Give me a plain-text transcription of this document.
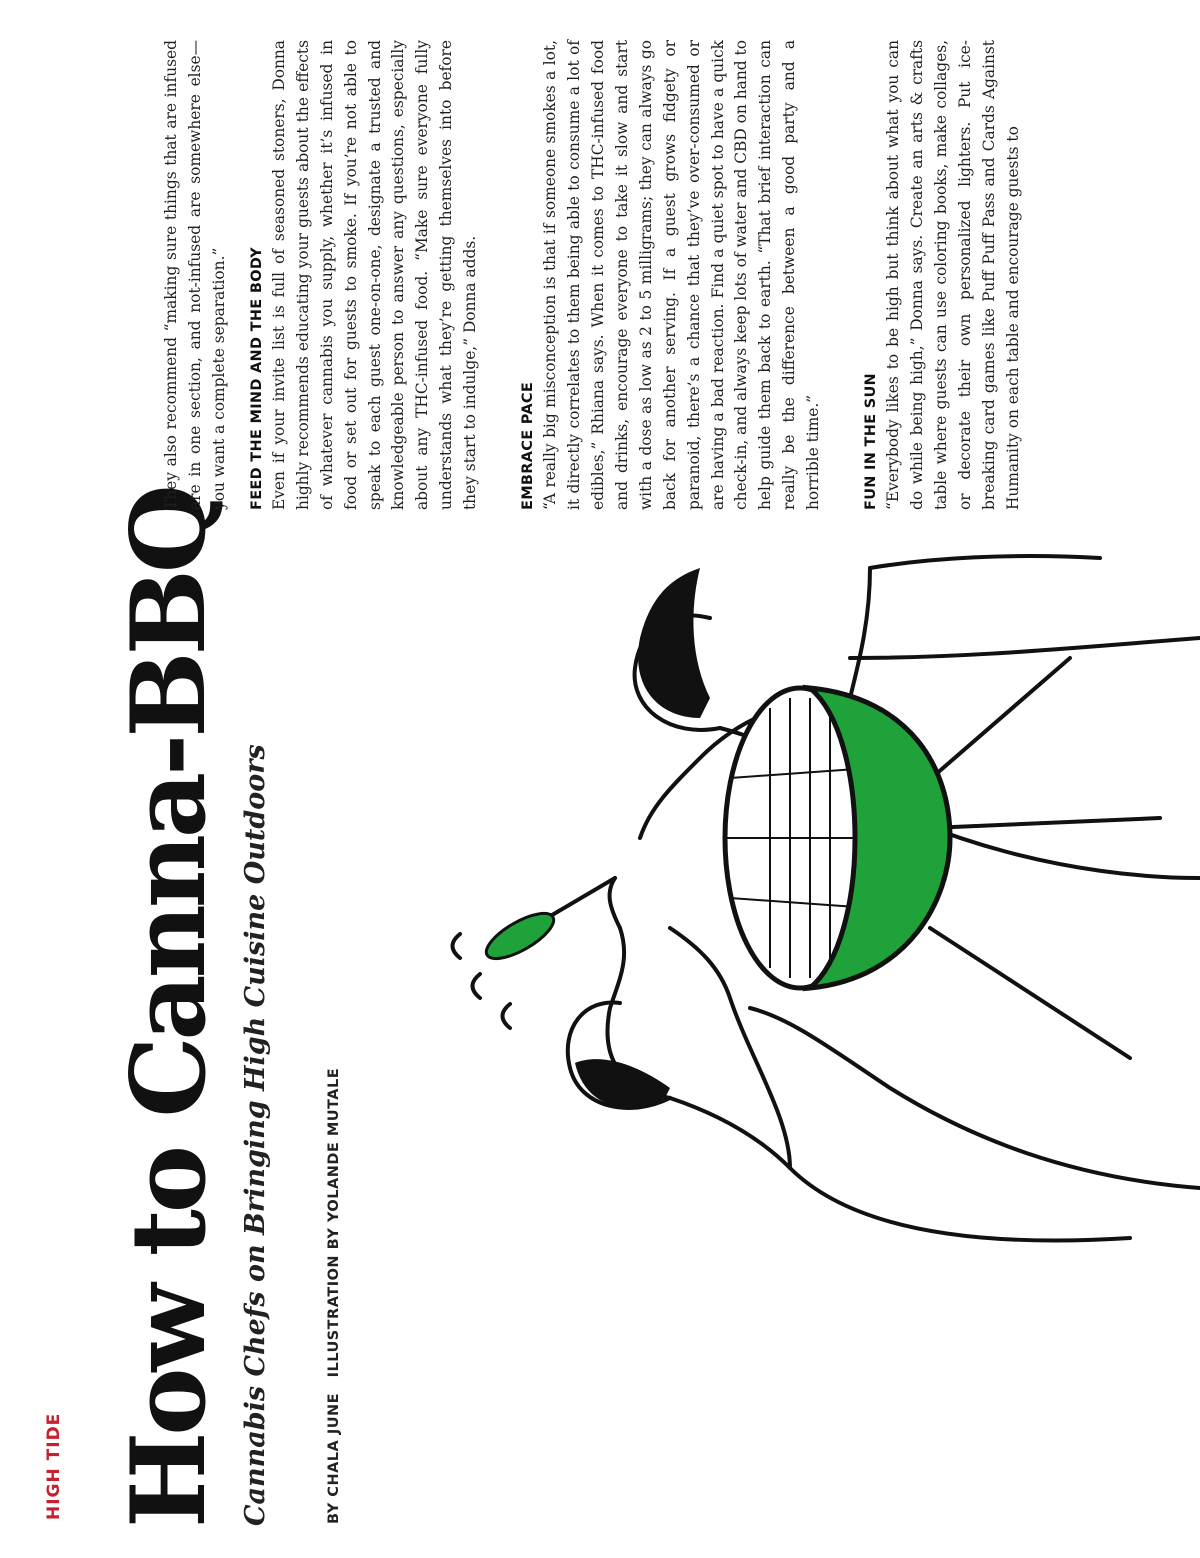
HIGH TIDE How to Canna-BBQ Cannabis Chefs on Bringing High Cuisine Outdoors	BY CHALA JUNE ILLUSTRATION BY YOLANDE MUTALE

They also recommend “making sure things that are infused are in one section, and not-infused are somewhere else—you want a complete separation.” FEED THE MIND AND THE BODY Even if your invite list is full of seasoned stoners, Donna highly recommends educating your guests about the effects of whatever cannabis you supply, whether it’s infused in food or set out for guests to smoke. If you’re not able to speak to each guest one-on-one, designate a trusted and knowledgeable person to answer any questions, especially about any THC-infused food. “Make sure everyone fully understands what they’re getting themselves into before they start to indulge,” Donna adds.	EMBRACE PACE “A really big misconception is that if someone smokes a lot, it directly correlates to them being able to consume a lot of edibles,” Rhiana says. When it comes to THC-infused food and drinks, encourage everyone to take it slow and start with a dose as low as 2 to 5 milligrams; they can always go back for another serving. If a guest grows fidgety or paranoid, there’s a chance that they’ve over-consumed or are having a bad reaction. Find a quiet spot to have a quick check-in, and always keep lots of water and CBD on hand to help guide them back to earth. “That brief interaction can really be the difference between a good party and a horrible time.”	FUN IN THE SUN “Everybody likes to be high but think about what you can do while being high,” Donna says. Create an arts & crafts table where guests can use coloring books, make collages, or decorate their own personalized lighters. Put ice-breaking card games like Puff Puff Pass and Cards Against Humanity on each table and encourage guests to
